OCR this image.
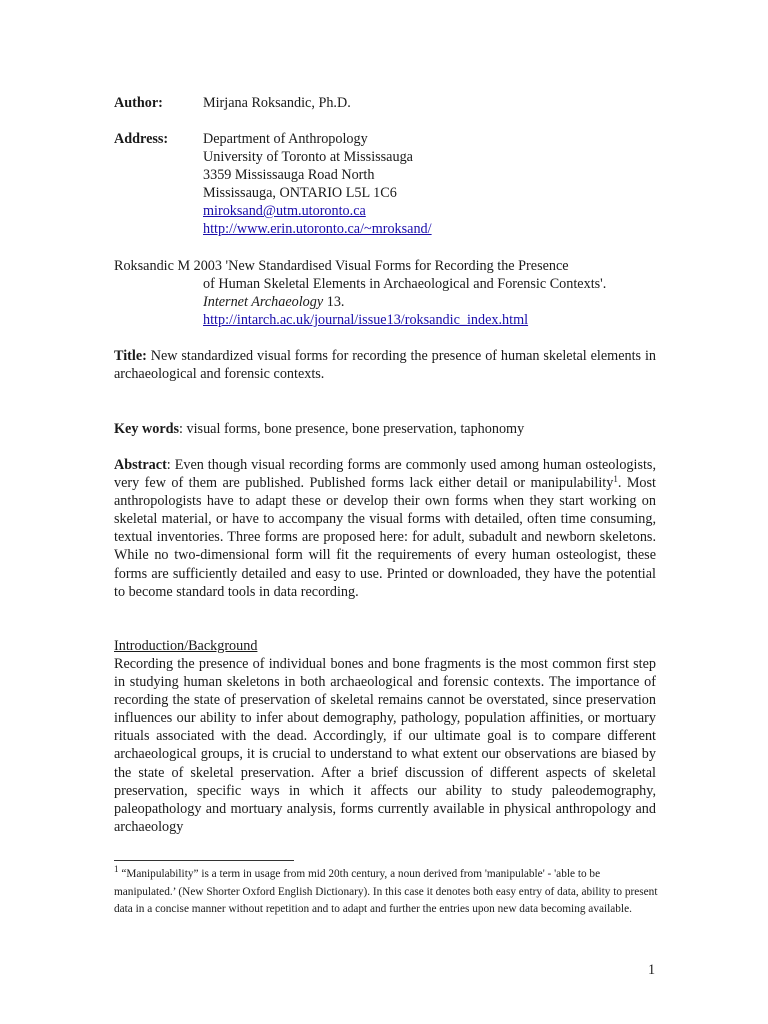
Author:	Mirjana Roksandic, Ph.D.
Address: Department of Anthropology
University of Toronto at Mississauga
3359 Mississauga Road North
Mississauga, ONTARIO L5L 1C6
miroksand@utm.utoronto.ca
http://www.erin.utoronto.ca/~mroksand/
Roksandic M 2003 'New Standardised Visual Forms for Recording the Presence
of Human Skeletal Elements in Archaeological and Forensic Contexts'.
Internet Archaeology 13.
http://intarch.ac.uk/journal/issue13/roksandic_index.html

Title: New standardized visual forms for recording the presence of human skeletal elements in archaeological and forensic contexts.

Key words: visual forms, bone presence, bone preservation, taphonomy

Abstract: Even though visual recording forms are commonly used among human osteologists, very few of them are published. Published forms lack either detail or manipulability$^1$. Most anthropologists have to adapt these or develop their own forms when they start working on skeletal material, or have to accompany the visual forms with detailed, often time consuming, textual inventories. Three forms are proposed here: for adult, subadult and newborn skeletons. While no two-dimensional form will fit the requirements of every human osteologist, these forms are sufficiently detailed and easy to use. Printed or downloaded, they have the potential to become standard tools in data recording.

Introduction/Background

Recording the presence of individual bones and bone fragments is the most common first step in studying human skeletons in both archaeological and forensic contexts. The importance of recording the state of preservation of skeletal remains cannot be overstated, since preservation influences our ability to infer about demography, pathology, population affinities, or mortuary rituals associated with the dead. Accordingly, if our ultimate goal is to compare different archaeological groups, it is crucial to understand to what extent our observations are biased by the state of skeletal preservation. After a brief discussion of different aspects of skeletal preservation, specific ways in which it affects our ability to study paleodemography, paleopathology and mortuary analysis, forms currently available in physical anthropology and archaeology

$^1$ “Manipulability” is a term in usage from mid 20th century, a noun derived from 'manipulable' - 'able to be manipulated.’ (New Shorter Oxford English Dictionary). In this case it denotes both easy entry of data, ability to present data in a concise manner without repetition and to adapt and further the entries upon new data becoming available.
1
